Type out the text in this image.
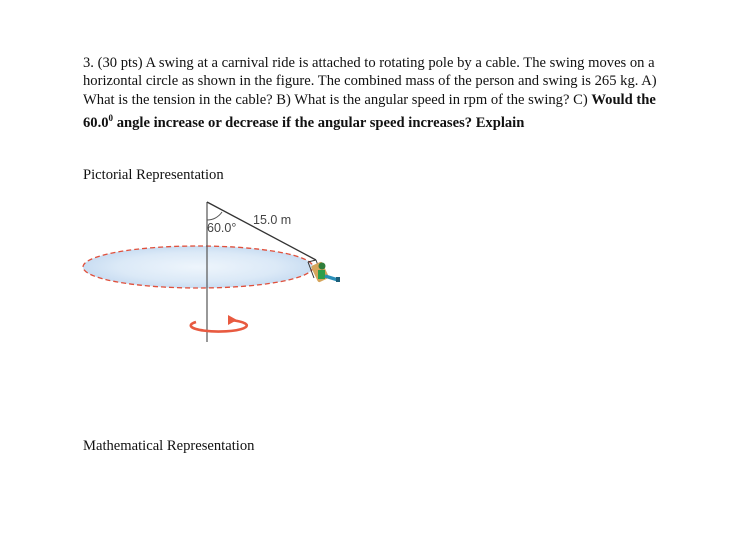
3. (30 pts) A swing at a carnival ride is attached to rotating pole by a cable. The swing moves on a horizontal circle as shown in the figure. The combined mass of the person and swing is 265 kg. A) What is the tension in the cable? B) What is the angular speed in rpm of the swing? C) Would the 60.0$^0$ angle increase or decrease if the angular speed increases? Explain

Pictorial Representation

60.0°
15.0 m

Mathematical Representation
